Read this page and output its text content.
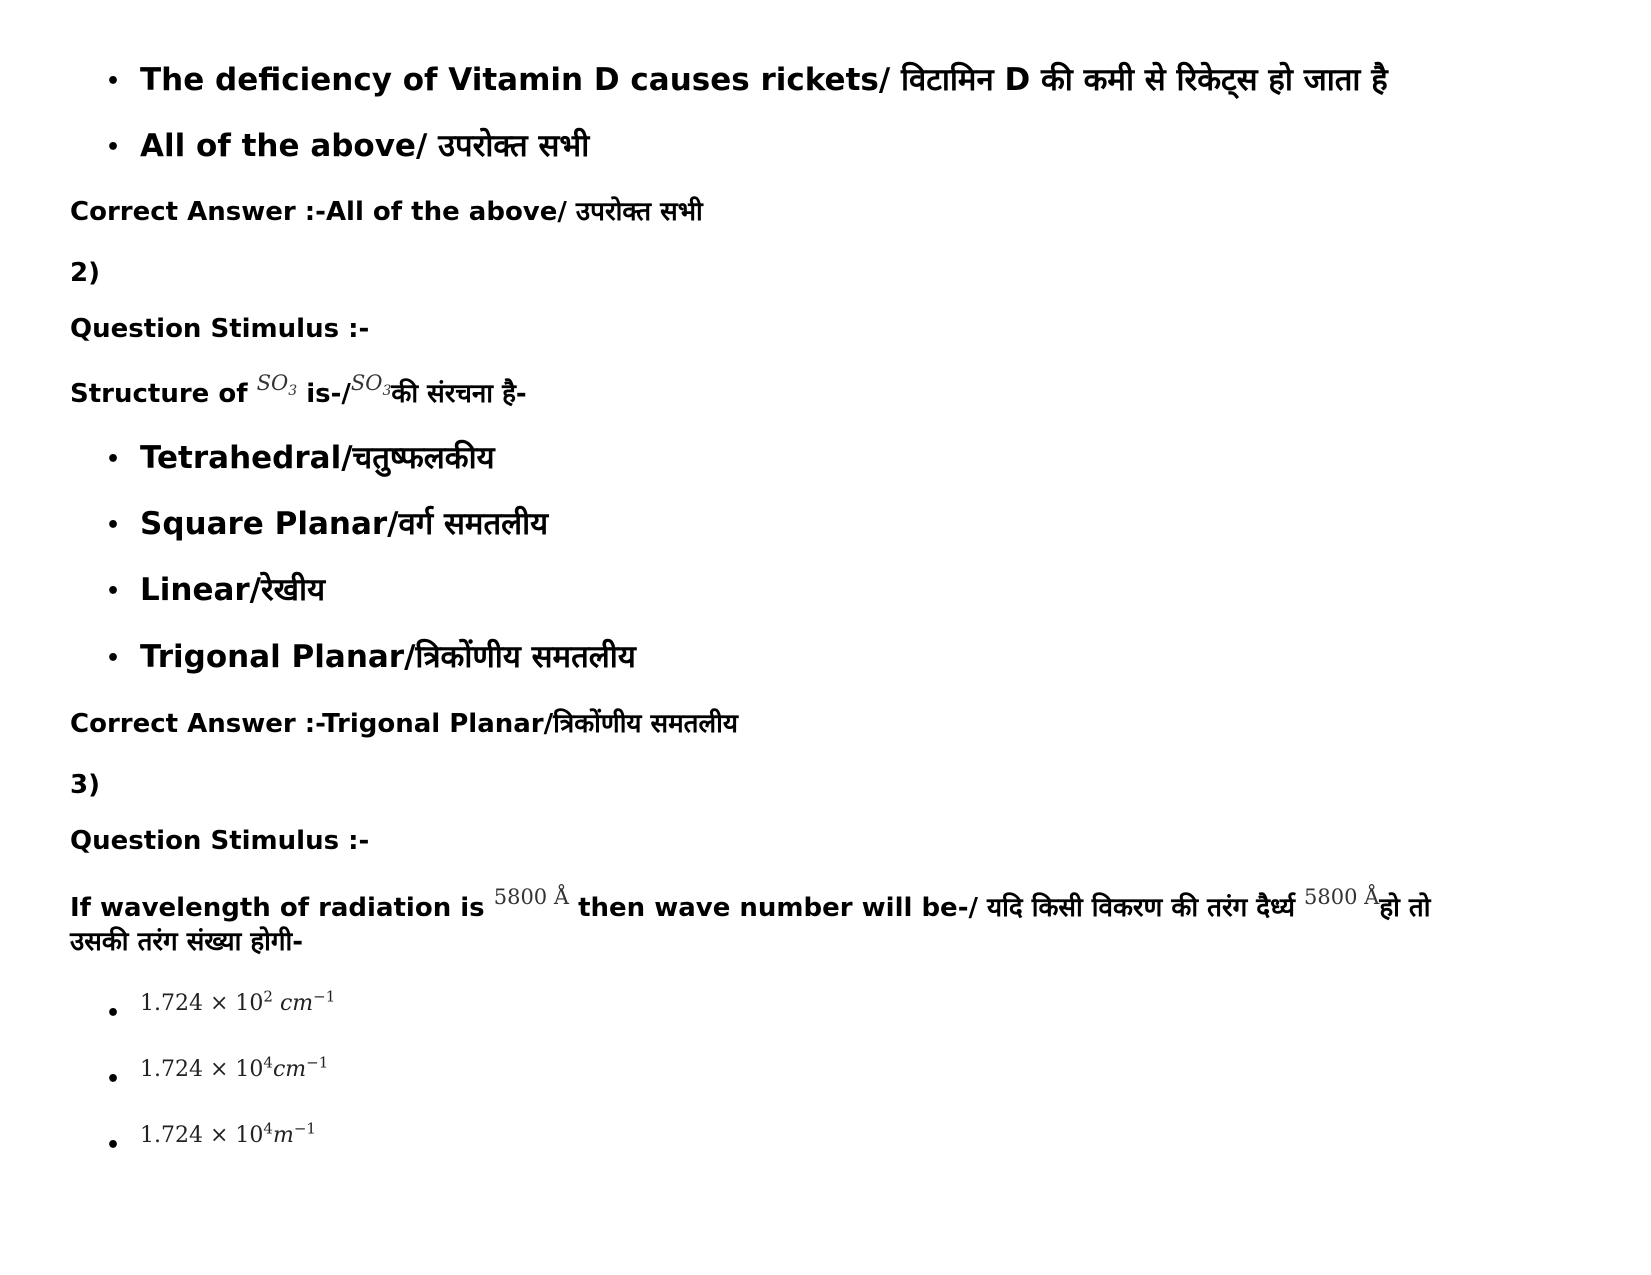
• The deficiency of Vitamin D causes rickets/ विटामिन D की कमी से रिकेट्स हो जाता है
• All of the above/ उपरोक्त सभी
Correct Answer :-All of the above/ उपरोक्त सभी
2)
Question Stimulus :-
Structure of $^{SO_3}$ is-/$^{SO_3}$की संरचना है-
• Tetrahedral/चतुष्फलकीय
• Square Planar/वर्ग समतलीय
• Linear/रेखीय
• Trigonal Planar/त्रिकोंणीय समतलीय
Correct Answer :-Trigonal Planar/त्रिकोंणीय समतलीय
3)
Question Stimulus :-
If wavelength of radiation is $^{5800 Å}$ then wave number will be-/ यदि किसी विकरण की तरंग दैर्ध्य $^{5800 Å}$हो तो
उसकी तरंग संख्या होगी-
• $1.724 \times 10^2$ $cm^{-1}$
• $1.724 \times 10^4cm^{-1}$
• $1.724 \times 10^4m^{-1}$
